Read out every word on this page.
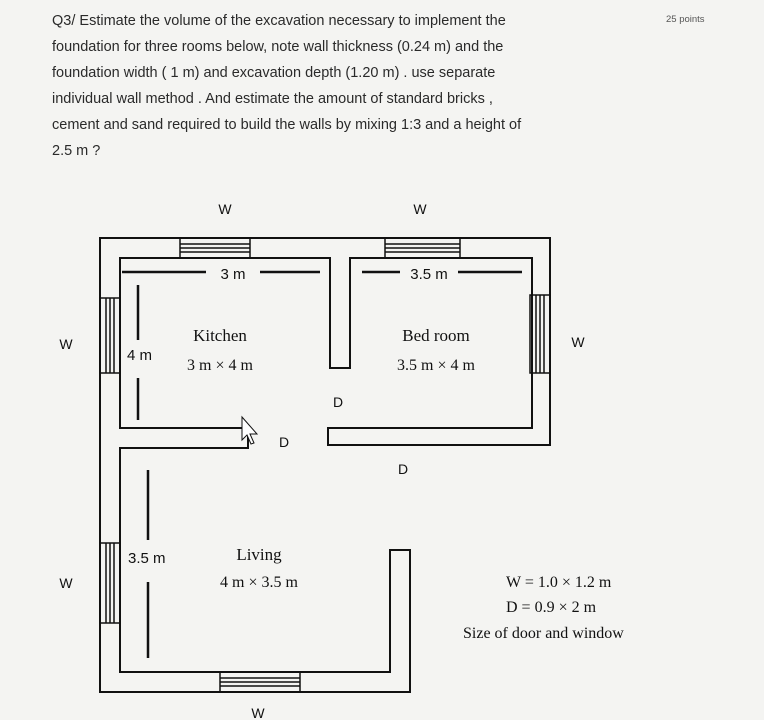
Q3/ Estimate the volume of the excavation necessary to implement the

foundation for three rooms below, note wall thickness (0.24 m) and the

foundation width ( 1 m) and excavation depth (1.20 m) . use separate

individual wall method . And estimate the amount of standard bricks ,

cement and sand required to build the walls by mixing 1:3 and a height of

2.5 m ?

25 points
W	W
W	W
W
W
D
D
D
3 m	3.5 m
4 m
3.5 m
Kitchen
3 m × 4 m
Bed room
3.5 m × 4 m
Living
4 m × 3.5 m	W = 1.0 × 1.2 m
D = 0.9 × 2 m
Size of door and window
